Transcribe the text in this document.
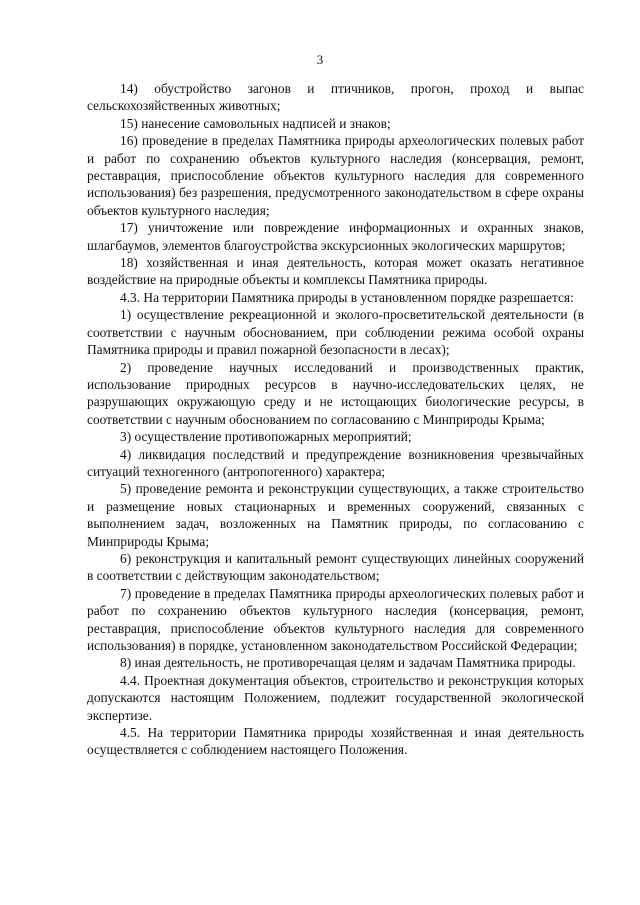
3

14) обустройство загонов и птичников, прогон, проход и выпас сельскохозяйственных животных;

15) нанесение самовольных надписей и знаков;

16) проведение в пределах Памятника природы археологических полевых работ и работ по сохранению объектов культурного наследия (консервация, ремонт, реставрация, приспособление объектов культурного наследия для современного использования) без разрешения, предусмотренного законодательством в сфере охраны объектов культурного наследия;

17) уничтожение или повреждение информационных и охранных знаков, шлагбаумов, элементов благоустройства экскурсионных экологических маршрутов;

18) хозяйственная и иная деятельность, которая может оказать негативное воздействие на природные объекты и комплексы Памятника природы.

4.3. На территории Памятника природы в установленном порядке разрешается:

1) осуществление рекреационной и эколого-просветительской деятельности (в соответствии с научным обоснованием, при соблюдении режима особой охраны Памятника природы и правил пожарной безопасности в лесах);

2) проведение научных исследований и производственных практик, использование природных ресурсов в научно-исследовательских целях, не разрушающих окружающую среду и не истощающих биологические ресурсы, в соответствии с научным обоснованием по согласованию с Минприроды Крыма;

3) осуществление противопожарных мероприятий;

4) ликвидация последствий и предупреждение возникновения чрезвычайных ситуаций техногенного (антропогенного) характера;

5) проведение ремонта и реконструкции существующих, а также строительство и размещение новых стационарных и временных сооружений, связанных с выполнением задач, возложенных на Памятник природы, по согласованию с Минприроды Крыма;

6) реконструкция и капитальный ремонт существующих линейных сооружений в соответствии с действующим законодательством;

7) проведение в пределах Памятника природы археологических полевых работ и работ по сохранению объектов культурного наследия (консервация, ремонт, реставрация, приспособление объектов культурного наследия для современного использования) в порядке, установленном законодательством Российской Федерации;

8) иная деятельность, не противоречащая целям и задачам Памятника природы.

4.4. Проектная документация объектов, строительство и реконструкция которых допускаются настоящим Положением, подлежит государственной экологической экспертизе.

4.5. На территории Памятника природы хозяйственная и иная деятельность осуществляется с соблюдением настоящего Положения.
